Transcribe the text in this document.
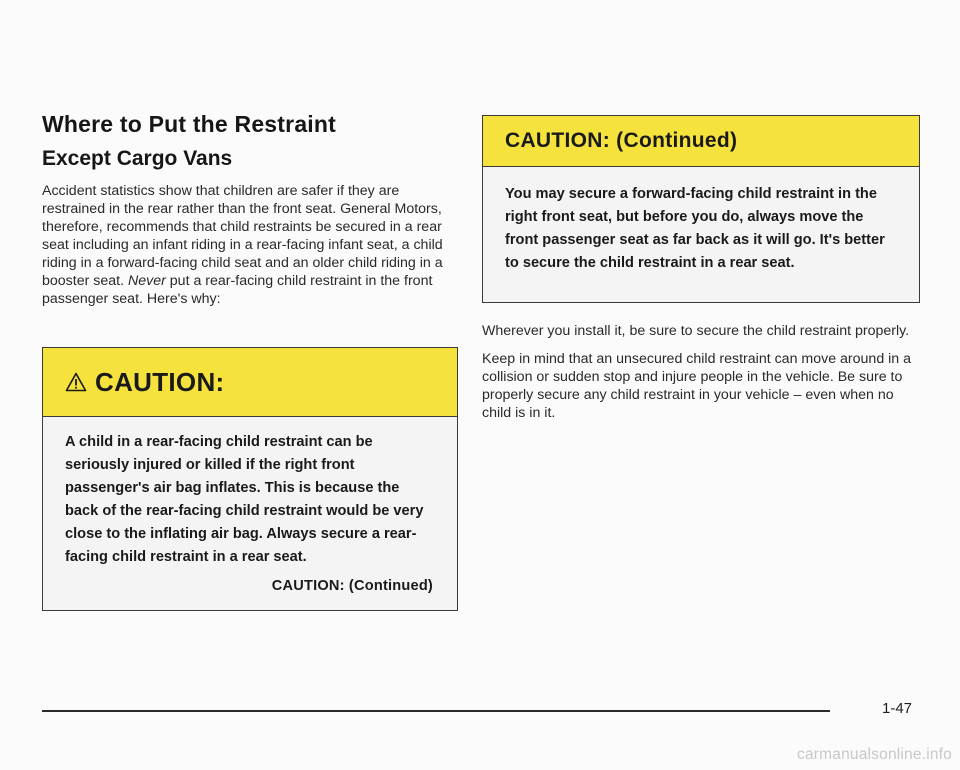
Where to Put the Restraint
Except Cargo Vans

Accident statistics show that children are safer if they are restrained in the rear rather than the front seat. General Motors, therefore, recommends that child restraints be secured in a rear seat including an infant riding in a rear-facing infant seat, a child riding in a forward-facing child seat and an older child riding in a booster seat. Never put a rear-facing child restraint in the front passenger seat. Here's why:

CAUTION:
A child in a rear-facing child restraint can be seriously injured or killed if the right front passenger's air bag inflates. This is because the back of the rear-facing child restraint would be very close to the inflating air bag. Always secure a rear-facing child restraint in a rear seat.
CAUTION: (Continued)
CAUTION: (Continued)
You may secure a forward-facing child restraint in the right front seat, but before you do, always move the front passenger seat as far back as it will go. It's better to secure the child restraint in a rear seat.

Wherever you install it, be sure to secure the child restraint properly.

Keep in mind that an unsecured child restraint can move around in a collision or sudden stop and injure people in the vehicle. Be sure to properly secure any child restraint in your vehicle – even when no child is in it.

1-47
carmanualsonline.info
